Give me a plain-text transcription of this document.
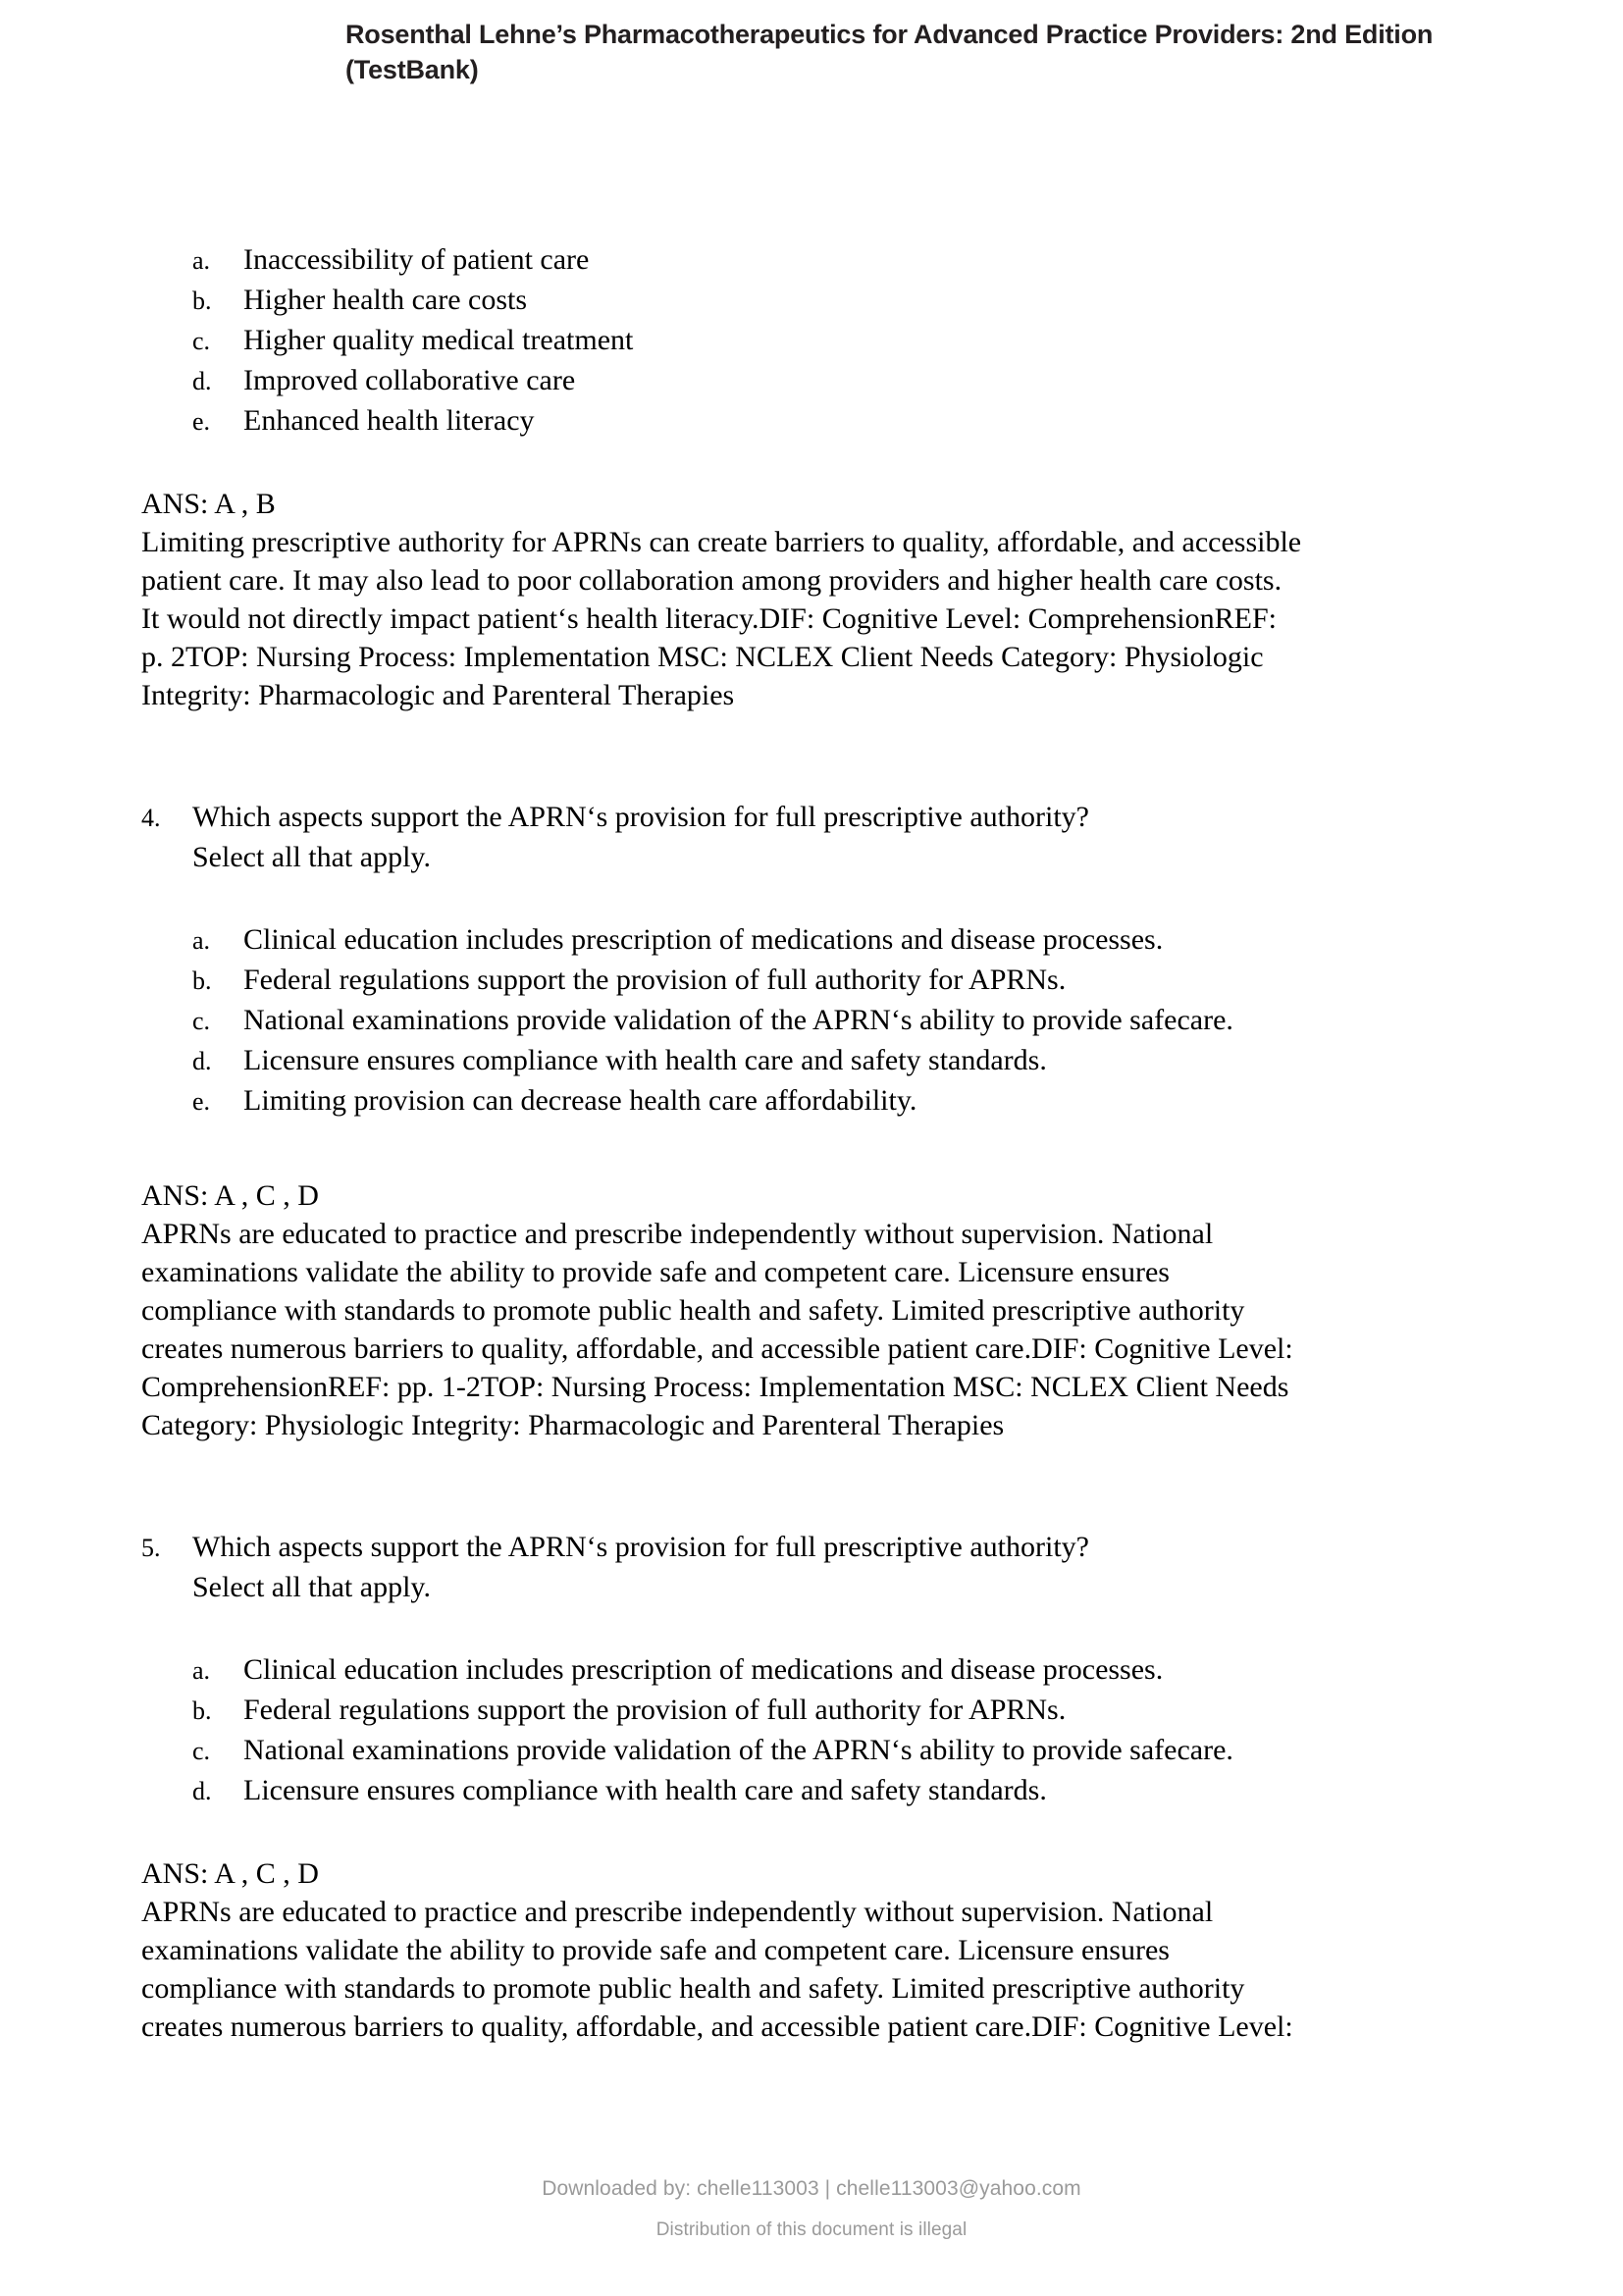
Rosenthal Lehne’s Pharmacotherapeutics for Advanced Practice Providers: 2nd Edition (TestBank)
a.	Inaccessibility of patient care
b.	Higher health care costs
c.	Higher quality medical treatment
d.	Improved collaborative care
e.	Enhanced health literacy
ANS: A , B
Limiting prescriptive authority for APRNs can create barriers to quality, affordable, and accessible
patient care. It may also lead to poor collaboration among providers and higher health care costs.
It would not directly impact patient‘s health literacy.DIF: Cognitive Level: ComprehensionREF:
p. 2TOP: Nursing Process: Implementation MSC: NCLEX Client Needs Category: Physiologic
Integrity: Pharmacologic and Parenteral Therapies
4.	Which aspects support the APRN‘s provision for full prescriptive authority?
Select all that apply.
a.	Clinical education includes prescription of medications and disease processes.
b.	Federal regulations support the provision of full authority for APRNs.
c.	National examinations provide validation of the APRN‘s ability to provide safecare.
d.	Licensure ensures compliance with health care and safety standards.
e.	Limiting provision can decrease health care affordability.
ANS: A , C , D
APRNs are educated to practice and prescribe independently without supervision. National
examinations validate the ability to provide safe and competent care. Licensure ensures
compliance with standards to promote public health and safety. Limited prescriptive authority
creates numerous barriers to quality, affordable, and accessible patient care.DIF: Cognitive Level:
ComprehensionREF: pp. 1-2TOP: Nursing Process: Implementation MSC: NCLEX Client Needs
Category: Physiologic Integrity: Pharmacologic and Parenteral Therapies
5.	Which aspects support the APRN‘s provision for full prescriptive authority?
Select all that apply.
a.	Clinical education includes prescription of medications and disease processes.
b.	Federal regulations support the provision of full authority for APRNs.
c.	National examinations provide validation of the APRN‘s ability to provide safecare.
d.	Licensure ensures compliance with health care and safety standards.
ANS: A , C , D
APRNs are educated to practice and prescribe independently without supervision. National
examinations validate the ability to provide safe and competent care. Licensure ensures
compliance with standards to promote public health and safety. Limited prescriptive authority
creates numerous barriers to quality, affordable, and accessible patient care.DIF: Cognitive Level:
Downloaded by: chelle113003 | chelle113003@yahoo.com
Distribution of this document is illegal
